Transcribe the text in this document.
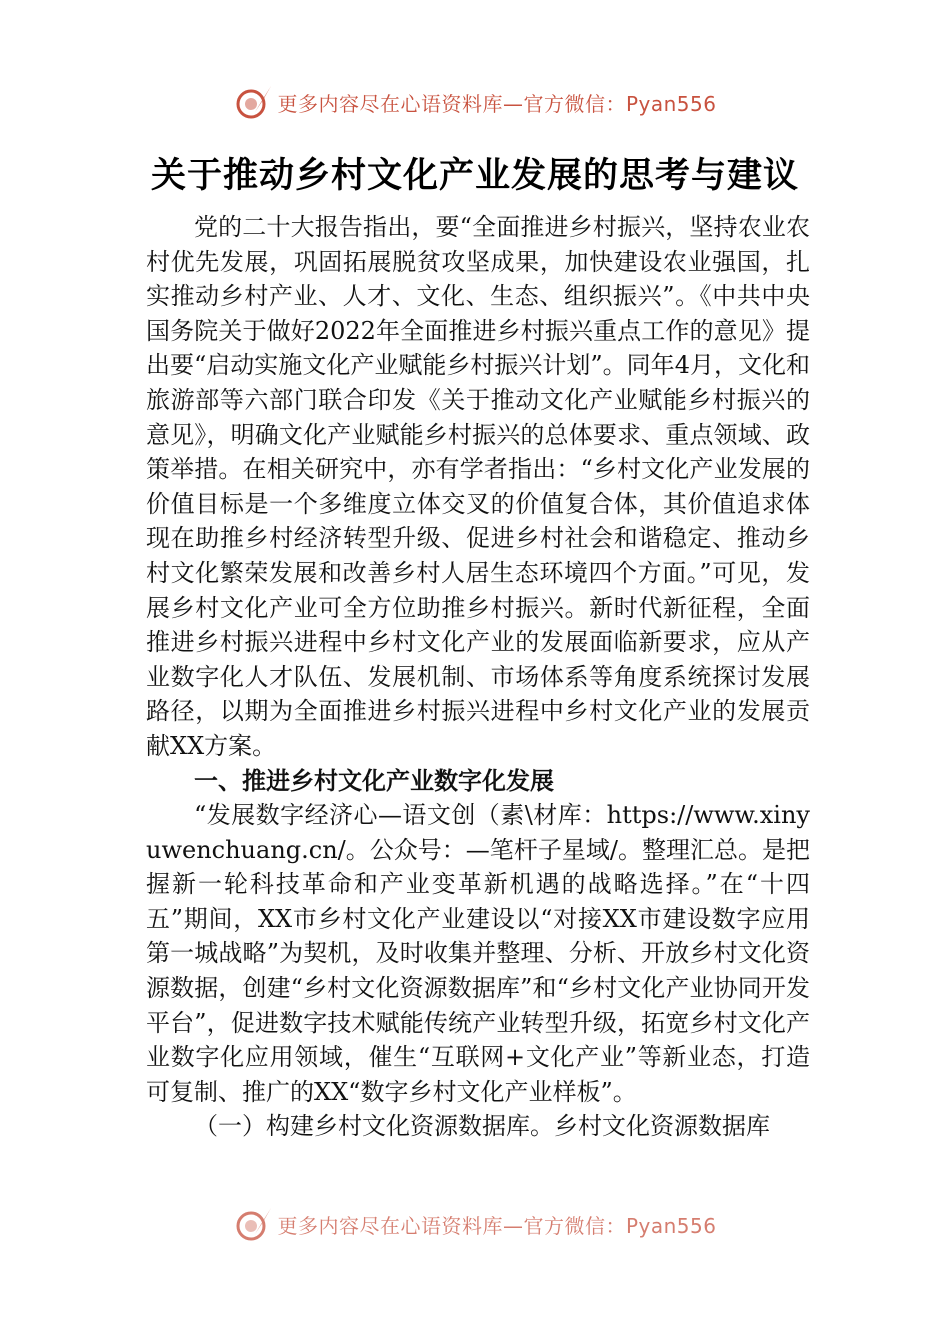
更多内容尽在心语资料库—官方微信：Pyan556
关于推动乡村文化产业发展的思考与建议

党的二十大报告指出，要“全面推进乡村振兴，坚持农业农村优先发展，巩固拓展脱贫攻坚成果，加快建设农业强国，扎实推动乡村产业、人才、文化、生态、组织振兴”。《中共中央国务院关于做好2022年全面推进乡村振兴重点工作的意见》提出要“启动实施文化产业赋能乡村振兴计划”。同年4月，文化和旅游部等六部门联合印发《关于推动文化产业赋能乡村振兴的意见》，明确文化产业赋能乡村振兴的总体要求、重点领域、政策举措。在相关研究中，亦有学者指出：“乡村文化产业发展的价值目标是一个多维度立体交叉的价值复合体，其价值追求体现在助推乡村经济转型升级、促进乡村社会和谐稳定、推动乡村文化繁荣发展和改善乡村人居生态环境四个方面。”可见，发展乡村文化产业可全方位助推乡村振兴。新时代新征程，全面推进乡村振兴进程中乡村文化产业的发展面临新要求，应从产业数字化人才队伍、发展机制、市场体系等角度系统探讨发展路径，以期为全面推进乡村振兴进程中乡村文化产业的发展贡献XX方案。

一、推进乡村文化产业数字化发展

“发展数字经济心—语文创（素\材库：https://www.xinyuwenchuang.cn/。公众号：—笔杆子星域/。整理汇总。是把握新一轮科技革命和产业变革新机遇的战略选择。”在“十四五”期间，XX市乡村文化产业建设以“对接XX市建设数字应用第一城战略”为契机，及时收集并整理、分析、开放乡村文化资源数据，创建“乡村文化资源数据库”和“乡村文化产业协同开发平台”，促进数字技术赋能传统产业转型升级，拓宽乡村文化产业数字化应用领域，催生“互联网+文化产业”等新业态，打造可复制、推广的XX“数字乡村文化产业样板”。

（一）构建乡村文化资源数据库。乡村文化资源数据库

更多内容尽在心语资料库—官方微信：Pyan556
